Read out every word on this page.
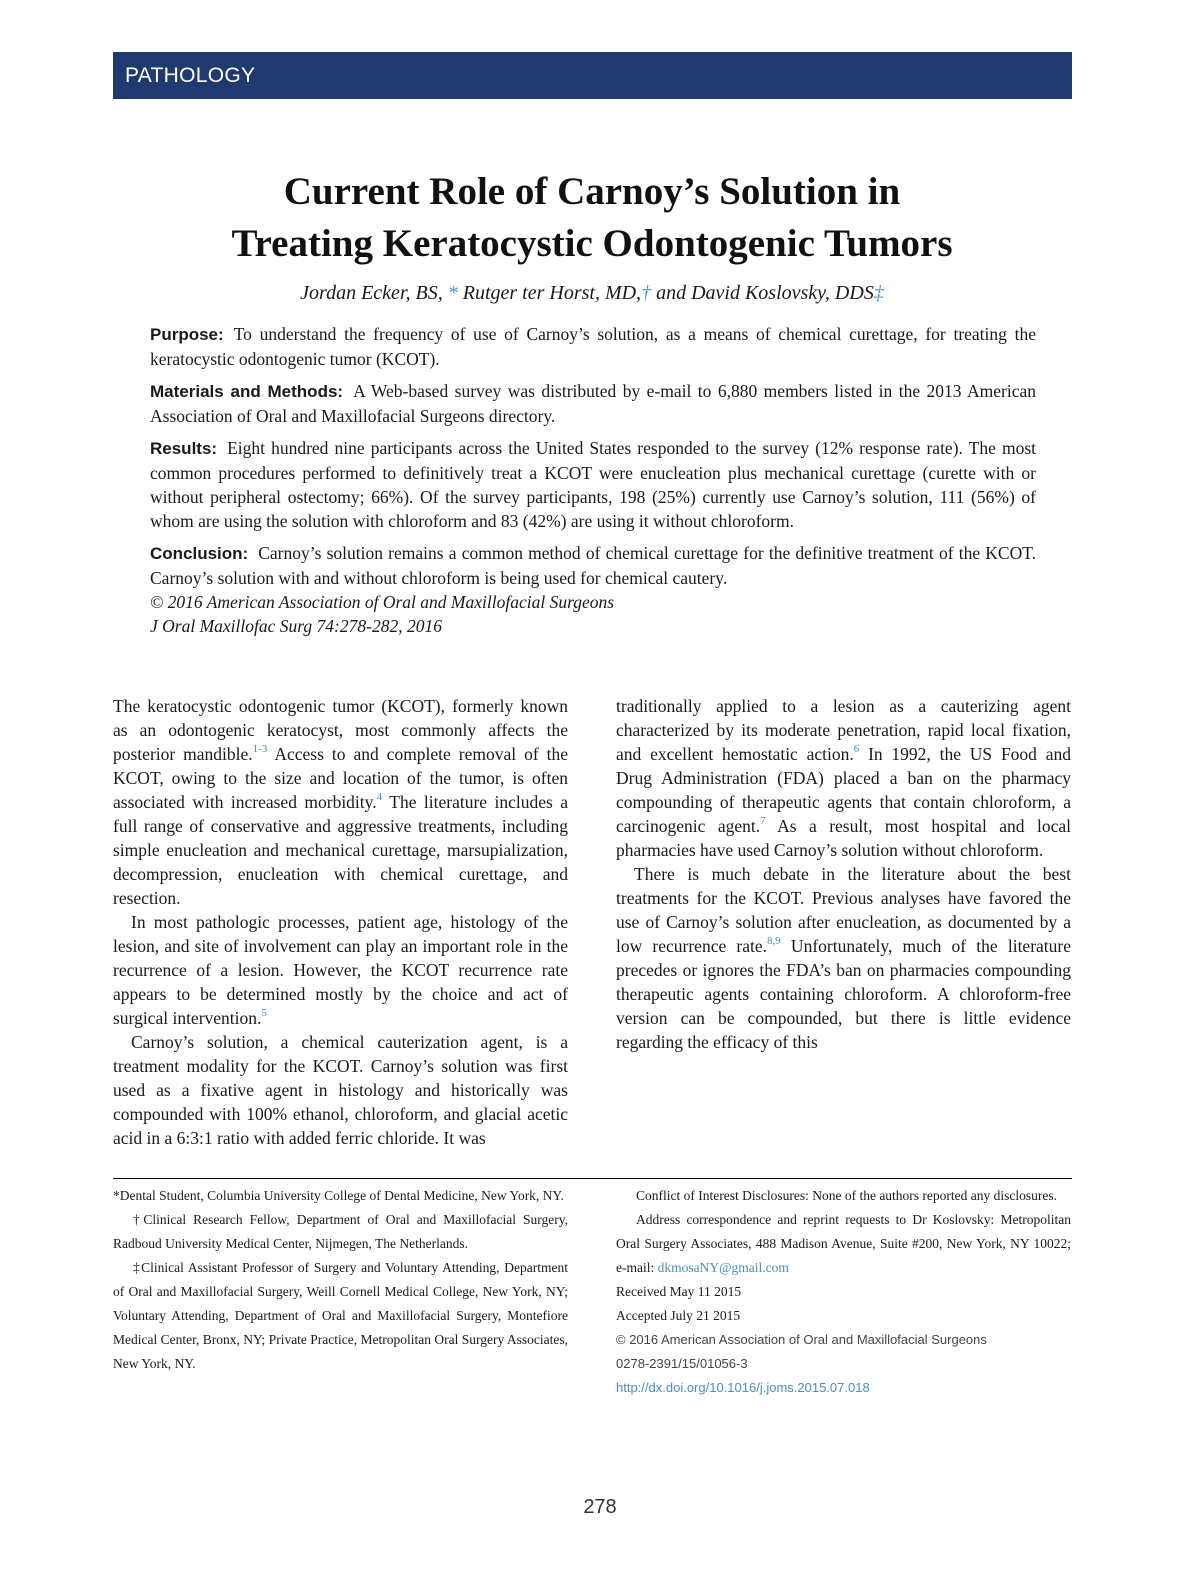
PATHOLOGY
Current Role of Carnoy’s Solution in
Treating Keratocystic Odontogenic Tumors
Jordan Ecker, BS, * Rutger ter Horst, MD,† and David Koslovsky, DDS‡

Purpose: To understand the frequency of use of Carnoy’s solution, as a means of chemical curettage, for treating the keratocystic odontogenic tumor (KCOT).

Materials and Methods: A Web-based survey was distributed by e-mail to 6,880 members listed in the 2013 American Association of Oral and Maxillofacial Surgeons directory.

Results: Eight hundred nine participants across the United States responded to the survey (12% response rate). The most common procedures performed to definitively treat a KCOT were enucleation plus mechanical curettage (curette with or without peripheral ostectomy; 66%). Of the survey participants, 198 (25%) currently use Carnoy’s solution, 111 (56%) of whom are using the solution with chloroform and 83 (42%) are using it without chloroform.

Conclusion: Carnoy’s solution remains a common method of chemical curettage for the definitive treatment of the KCOT. Carnoy’s solution with and without chloroform is being used for chemical cautery.

© 2016 American Association of Oral and Maxillofacial Surgeons

J Oral Maxillofac Surg 74:278-282, 2016

The keratocystic odontogenic tumor (KCOT), formerly known as an odontogenic keratocyst, most commonly affects the posterior mandible.$^{1-3}$ Access to and complete removal of the KCOT, owing to the size and location of the tumor, is often associated with increased morbidity.$^4$ The literature includes a full range of conservative and aggressive treatments, including simple enucleation and mechanical curettage, marsupialization, decompression, enucleation with chemical curettage, and resection.

In most pathologic processes, patient age, histology of the lesion, and site of involvement can play an important role in the recurrence of a lesion. However, the KCOT recurrence rate appears to be determined mostly by the choice and act of surgical intervention.$^5$

Carnoy’s solution, a chemical cauterization agent, is a treatment modality for the KCOT. Carnoy’s solution was first used as a fixative agent in histology and historically was compounded with 100% ethanol, chloroform, and glacial acetic acid in a 6:3:1 ratio with added ferric chloride. It was

traditionally applied to a lesion as a cauterizing agent characterized by its moderate penetration, rapid local fixation, and excellent hemostatic action.$^6$ In 1992, the US Food and Drug Administration (FDA) placed a ban on the pharmacy compounding of therapeutic agents that contain chloroform, a carcinogenic agent.$^7$ As a result, most hospital and local pharmacies have used Carnoy’s solution without chloroform.

There is much debate in the literature about the best treatments for the KCOT. Previous analyses have favored the use of Carnoy’s solution after enucleation, as documented by a low recurrence rate.$^{8,9}$ Unfortunately, much of the literature precedes or ignores the FDA’s ban on pharmacies compounding therapeutic agents containing chloroform. A chloroform-free version can be compounded, but there is little evidence regarding the efficacy of this

*Dental Student, Columbia University College of Dental Medicine, New York, NY.

†Clinical Research Fellow, Department of Oral and Maxillofacial Surgery, Radboud University Medical Center, Nijmegen, The Netherlands.

‡Clinical Assistant Professor of Surgery and Voluntary Attending, Department of Oral and Maxillofacial Surgery, Weill Cornell Medical College, New York, NY; Voluntary Attending, Department of Oral and Maxillofacial Surgery, Montefiore Medical Center, Bronx, NY; Private Practice, Metropolitan Oral Surgery Associates, New York, NY.

Conflict of Interest Disclosures: None of the authors reported any disclosures.

Address correspondence and reprint requests to Dr Koslovsky: Metropolitan Oral Surgery Associates, 488 Madison Avenue, Suite #200, New York, NY 10022; e-mail: dkmosaNY@gmail.com

Received May 11 2015

Accepted July 21 2015

© 2016 American Association of Oral and Maxillofacial Surgeons

0278-2391/15/01056-3

http://dx.doi.org/10.1016/j.joms.2015.07.018

278
